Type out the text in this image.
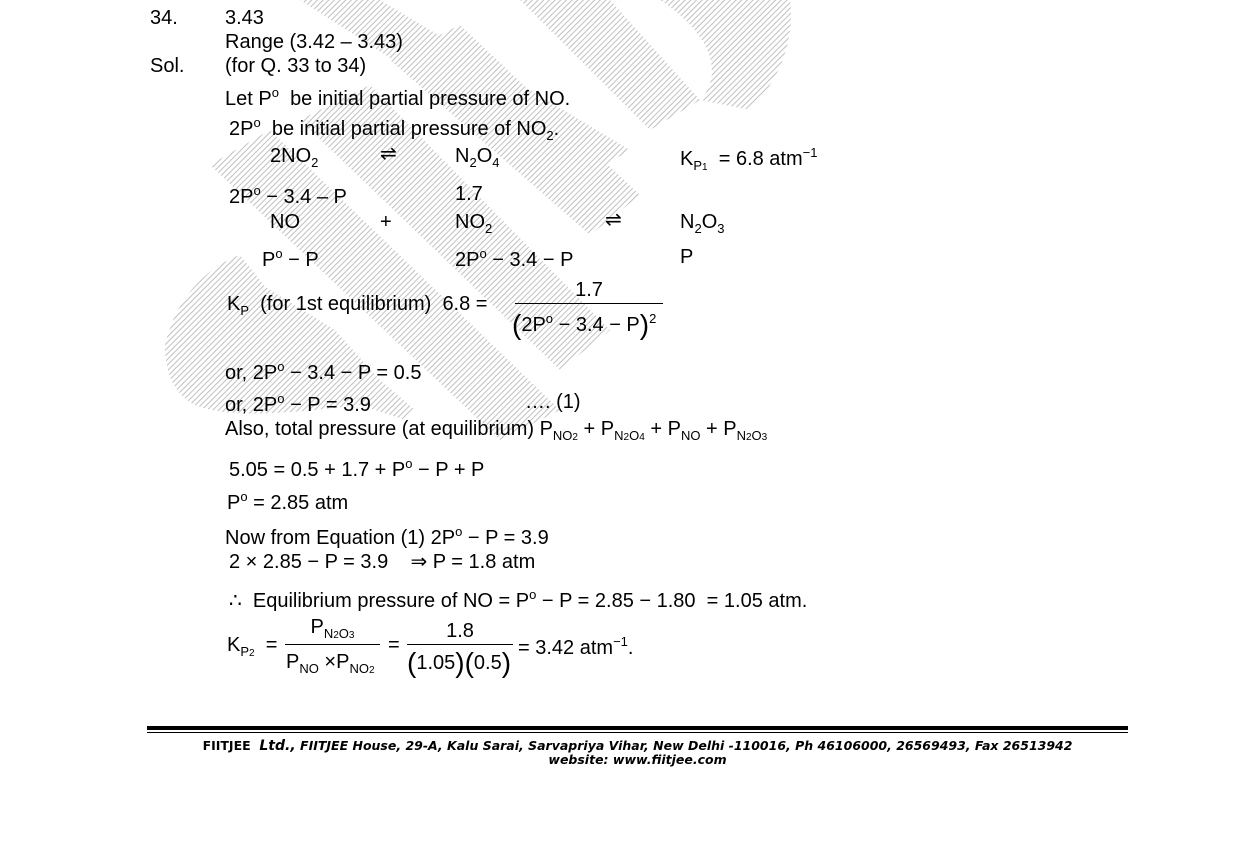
34. 3.43
Range (3.42 – 3.43)
Sol. (for Q. 33 to 34)
Let $P^o$ be initial partial pressure of NO.
$2P^o$ be initial partial pressure of $NO_2$.
$2NO_2$	⇌	$N_2O_4$	$K_{P1} = 6.8$ atm$^{-1}$
$2P^o - 3.4 - P$	1.7
NO	+	$NO_2$	⇌	$N_2O_3$
$P^o - P$	$2P^o - 3.4 - P$	P
$K_P$ (for 1st equilibrium) 6.8 =
1.7
$(2P^o - 3.4 - P)^2$
or, $2P^o - 3.4 - P = 0.5$
or, $2P^o - P = 3.9$	…. (1)
Also, total pressure (at equilibrium) $P_{NO2} + P_{N2O4} + P_{NO} + P_{N2O3}$
$5.05 = 0.5 + 1.7 + P^o - P + P$
$P^o = 2.85$ atm
Now from Equation (1) $2P^o - P = 3.9$
2 × 2.85 − P = 3.9 ⇒ P = 1.8 atm
∴ Equilibrium pressure of NO = $P^o - P = 2.85 - 1.80 = 1.05$ atm.
$K_{P2}$ =
$P_{N2O3}$
$P_{NO} \times P_{NO2}$
=
1.8
(1.05)(0.5) = 3.42 atm$^{-1}$.
FIITJEE Ltd., FIITJEE House, 29-A, Kalu Sarai, Sarvapriya Vihar, New Delhi -110016, Ph 46106000, 26569493, Fax 26513942
website: www.fiitjee.com
